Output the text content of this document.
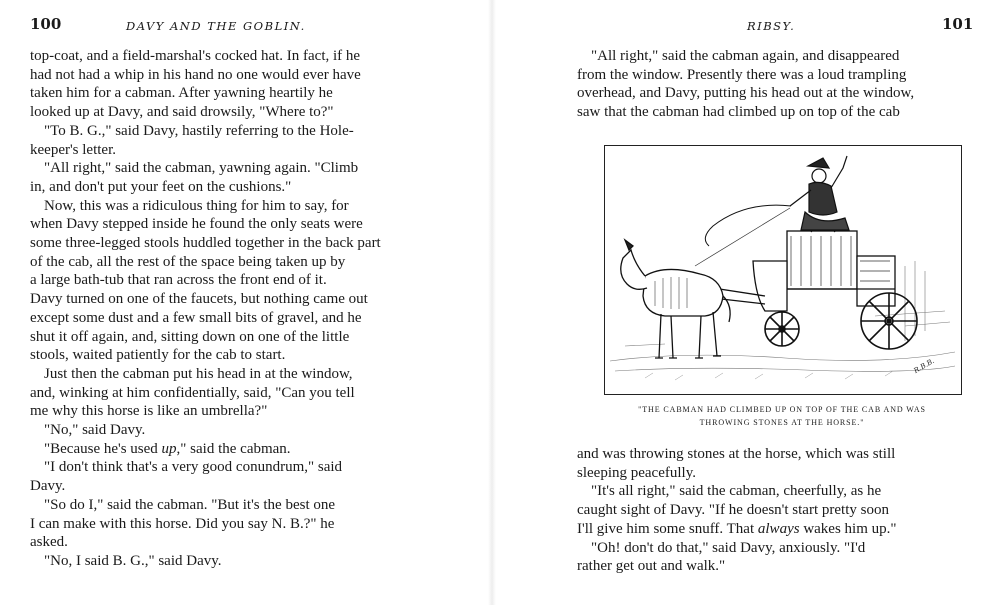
100	DAVY AND THE GOBLIN.

top-coat, and a field-marshal's cocked hat. In fact, if he

had not had a whip in his hand no one would ever have

taken him for a cabman. After yawning heartily he

looked up at Davy, and said drowsily, "Where to?"

"To B. G.," said Davy, hastily referring to the Hole-

keeper's letter.

"All right," said the cabman, yawning again. "Climb

in, and don't put your feet on the cushions."

Now, this was a ridiculous thing for him to say, for

when Davy stepped inside he found the only seats were

some three-legged stools huddled together in the back part

of the cab, all the rest of the space being taken up by

a large bath-tub that ran across the front end of it.

Davy turned on one of the faucets, but nothing came out

except some dust and a few small bits of gravel, and he

shut it off again, and, sitting down on one of the little

stools, waited patiently for the cab to start.

Just then the cabman put his head in at the window,

and, winking at him confidentially, said, "Can you tell

me why this horse is like an umbrella?"

"No," said Davy.

"Because he's used up," said the cabman.

"I don't think that's a very good conundrum," said

Davy.

"So do I," said the cabman. "But it's the best one

I can make with this horse. Did you say N. B.?" he

asked.

"No, I said B. G.," said Davy.

RIBSY.	101

"All right," said the cabman again, and disappeared

from the window. Presently there was a loud trampling

overhead, and Davy, putting his head out at the window,

saw that the cabman had climbed up on top of the cab

R.B.B.
"THE CABMAN HAD CLIMBED UP ON TOP OF THE CAB AND WAS
THROWING STONES AT THE HORSE."

and was throwing stones at the horse, which was still

sleeping peacefully.

"It's all right," said the cabman, cheerfully, as he

caught sight of Davy. "If he doesn't start pretty soon

I'll give him some snuff. That always wakes him up."

"Oh! don't do that," said Davy, anxiously. "I'd

rather get out and walk."
